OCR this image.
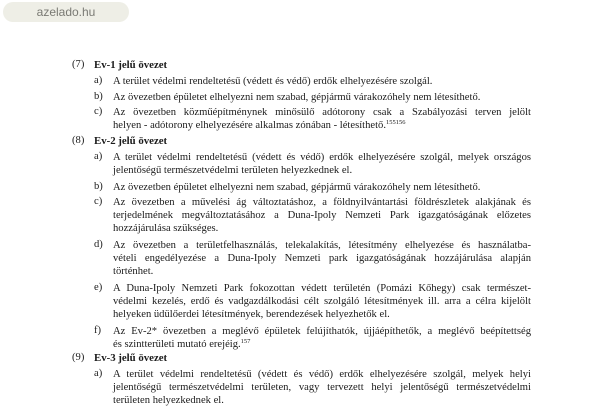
azelado.hu
(7) Ev-1 jelű övezet
a) A terület védelmi rendeltetésű (védett és védő) erdők elhelyezésére szolgál.
b) Az övezetben épületet elhelyezni nem szabad, gépjármű várakozóhely nem létesíthető.
c) Az övezetben közműépítménynek minősülő adótorony csak a Szabályozási terven jelölt
helyen - adótorony elhelyezésére alkalmas zónában - létesíthető.$^{155156}$
(8) Ev-2 jelű övezet
a) A terület védelmi rendeltetésű (védett és védő) erdők elhelyezésére szolgál, melyek országos
jelentőségű természetvédelmi területen helyezkednek el.
b) Az övezetben épületet elhelyezni nem szabad, gépjármű várakozóhely nem létesíthető.
c) Az övezetben a művelési ág változtatáshoz, a földnyilvántartási földrészletek alakjának és
terjedelmének megváltoztatásához a Duna-Ipoly Nemzeti Park igazgatóságának előzetes
hozzájárulása szükséges.
d) Az övezetben a területfelhasználás, telekalakítás, létesítmény elhelyezése és használatba-
vételi engedélyezése a Duna-Ipoly Nemzeti park igazgatóságának hozzájárulása alapján
történhet.
e) A Duna-Ipoly Nemzeti Park fokozottan védett területén (Pomázi Kőhegy) csak természet-
védelmi kezelés, erdő és vadgazdálkodási célt szolgáló létesítmények ill. arra a célra kijelölt
helyeken üdülőerdei létesítmények, berendezések helyezhetők el.
f) Az Ev-2* övezetben a meglévő épületek felújíthatók, újjáépíthetők, a meglévő beépítettség
és szintterületi mutató erejéig.$^{157}$
(9) Ev-3 jelű övezet
a) A terület védelmi rendeltetésű (védett és védő) erdők elhelyezésére szolgál, melyek helyi
jelentőségű természetvédelmi területen, vagy tervezett helyi jelentőségű természetvédelmi
területen helyezkednek el.
